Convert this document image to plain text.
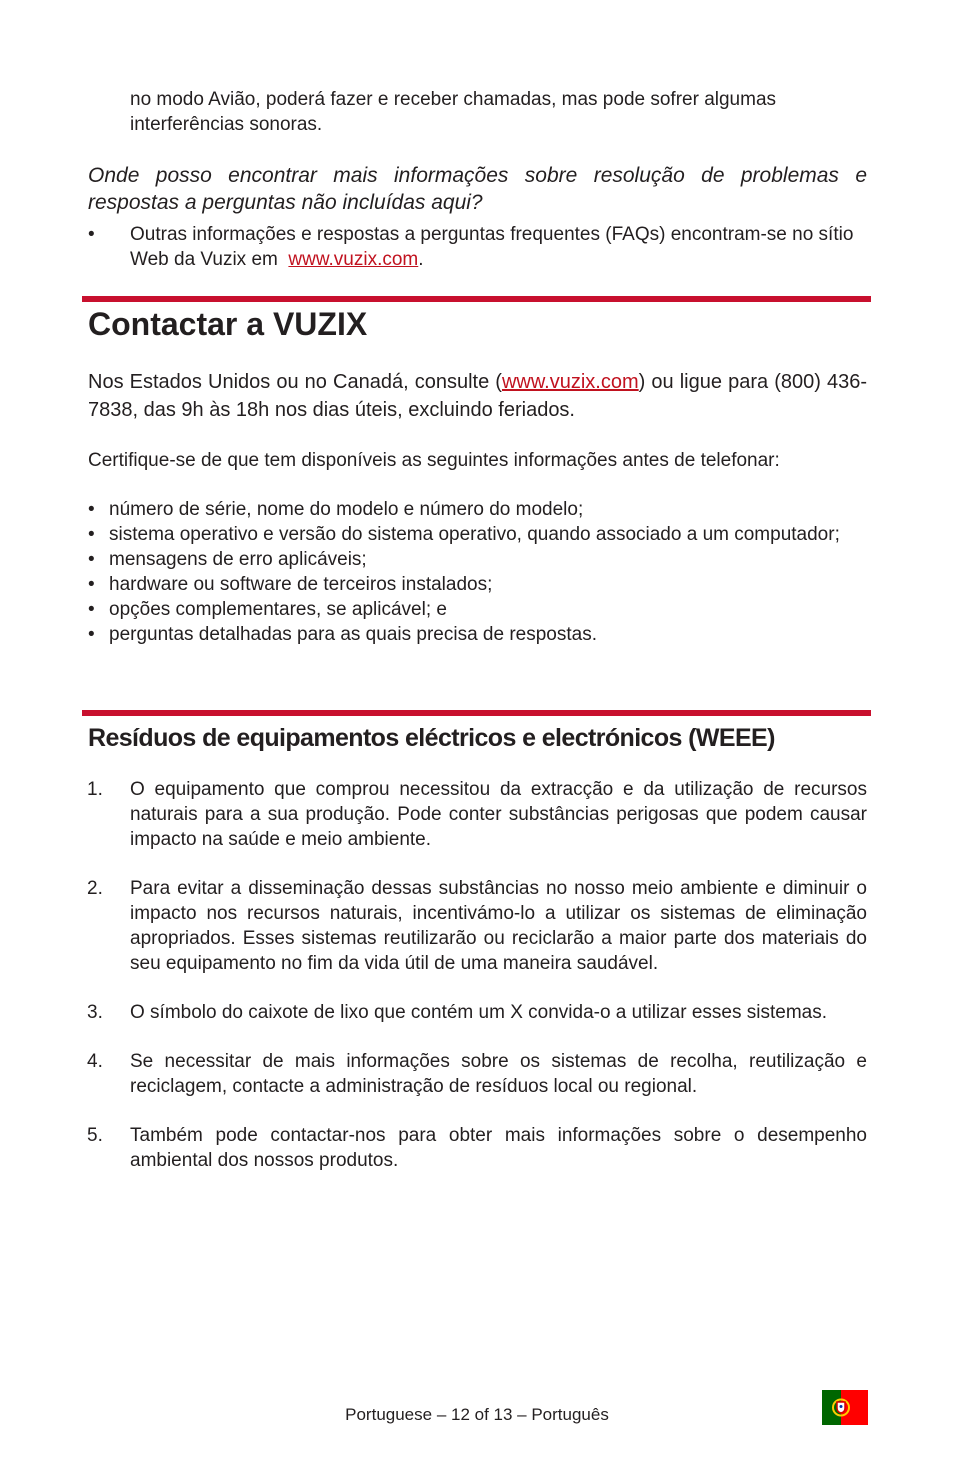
no modo Avião, poderá fazer e receber chamadas, mas pode sofrer algumas interferências sonoras.
Onde posso encontrar mais informações sobre resolução de problemas e respostas a perguntas não incluídas aqui?
• Outras informações e respostas a perguntas frequentes (FAQs) encontram-se no sítio Web da Vuzix em www.vuzix.com.
Contactar a VUZIX
Nos Estados Unidos ou no Canadá, consulte (www.vuzix.com) ou ligue para (800) 436-7838, das 9h às 18h nos dias úteis, excluindo feriados.
Certifique-se de que tem disponíveis as seguintes informações antes de telefonar:
• número de série, nome do modelo e número do modelo;
• sistema operativo e versão do sistema operativo, quando associado a um computador;
• mensagens de erro aplicáveis;
• hardware ou software de terceiros instalados;
• opções complementares, se aplicável; e
• perguntas detalhadas para as quais precisa de respostas.
Resíduos de equipamentos eléctricos e electrónicos (WEEE)
1. O equipamento que comprou necessitou da extracção e da utilização de recursos naturais para a sua produção. Pode conter substâncias perigosas que podem causar impacto na saúde e meio ambiente.
2. Para evitar a disseminação dessas substâncias no nosso meio ambiente e diminuir o impacto nos recursos naturais, incentivámo-lo a utilizar os sistemas de eliminação apropriados. Esses sistemas reutilizarão ou reciclarão a maior parte dos materiais do seu equipamento no fim da vida útil de uma maneira saudável.
3. O símbolo do caixote de lixo que contém um X convida-o a utilizar esses sistemas.
4. Se necessitar de mais informações sobre os sistemas de recolha, reutilização e reciclagem, contacte a administração de resíduos local ou regional.
5. Também pode contactar-nos para obter mais informações sobre o desempenho ambiental dos nossos produtos.
Portuguese – 12 of 13 – Português
